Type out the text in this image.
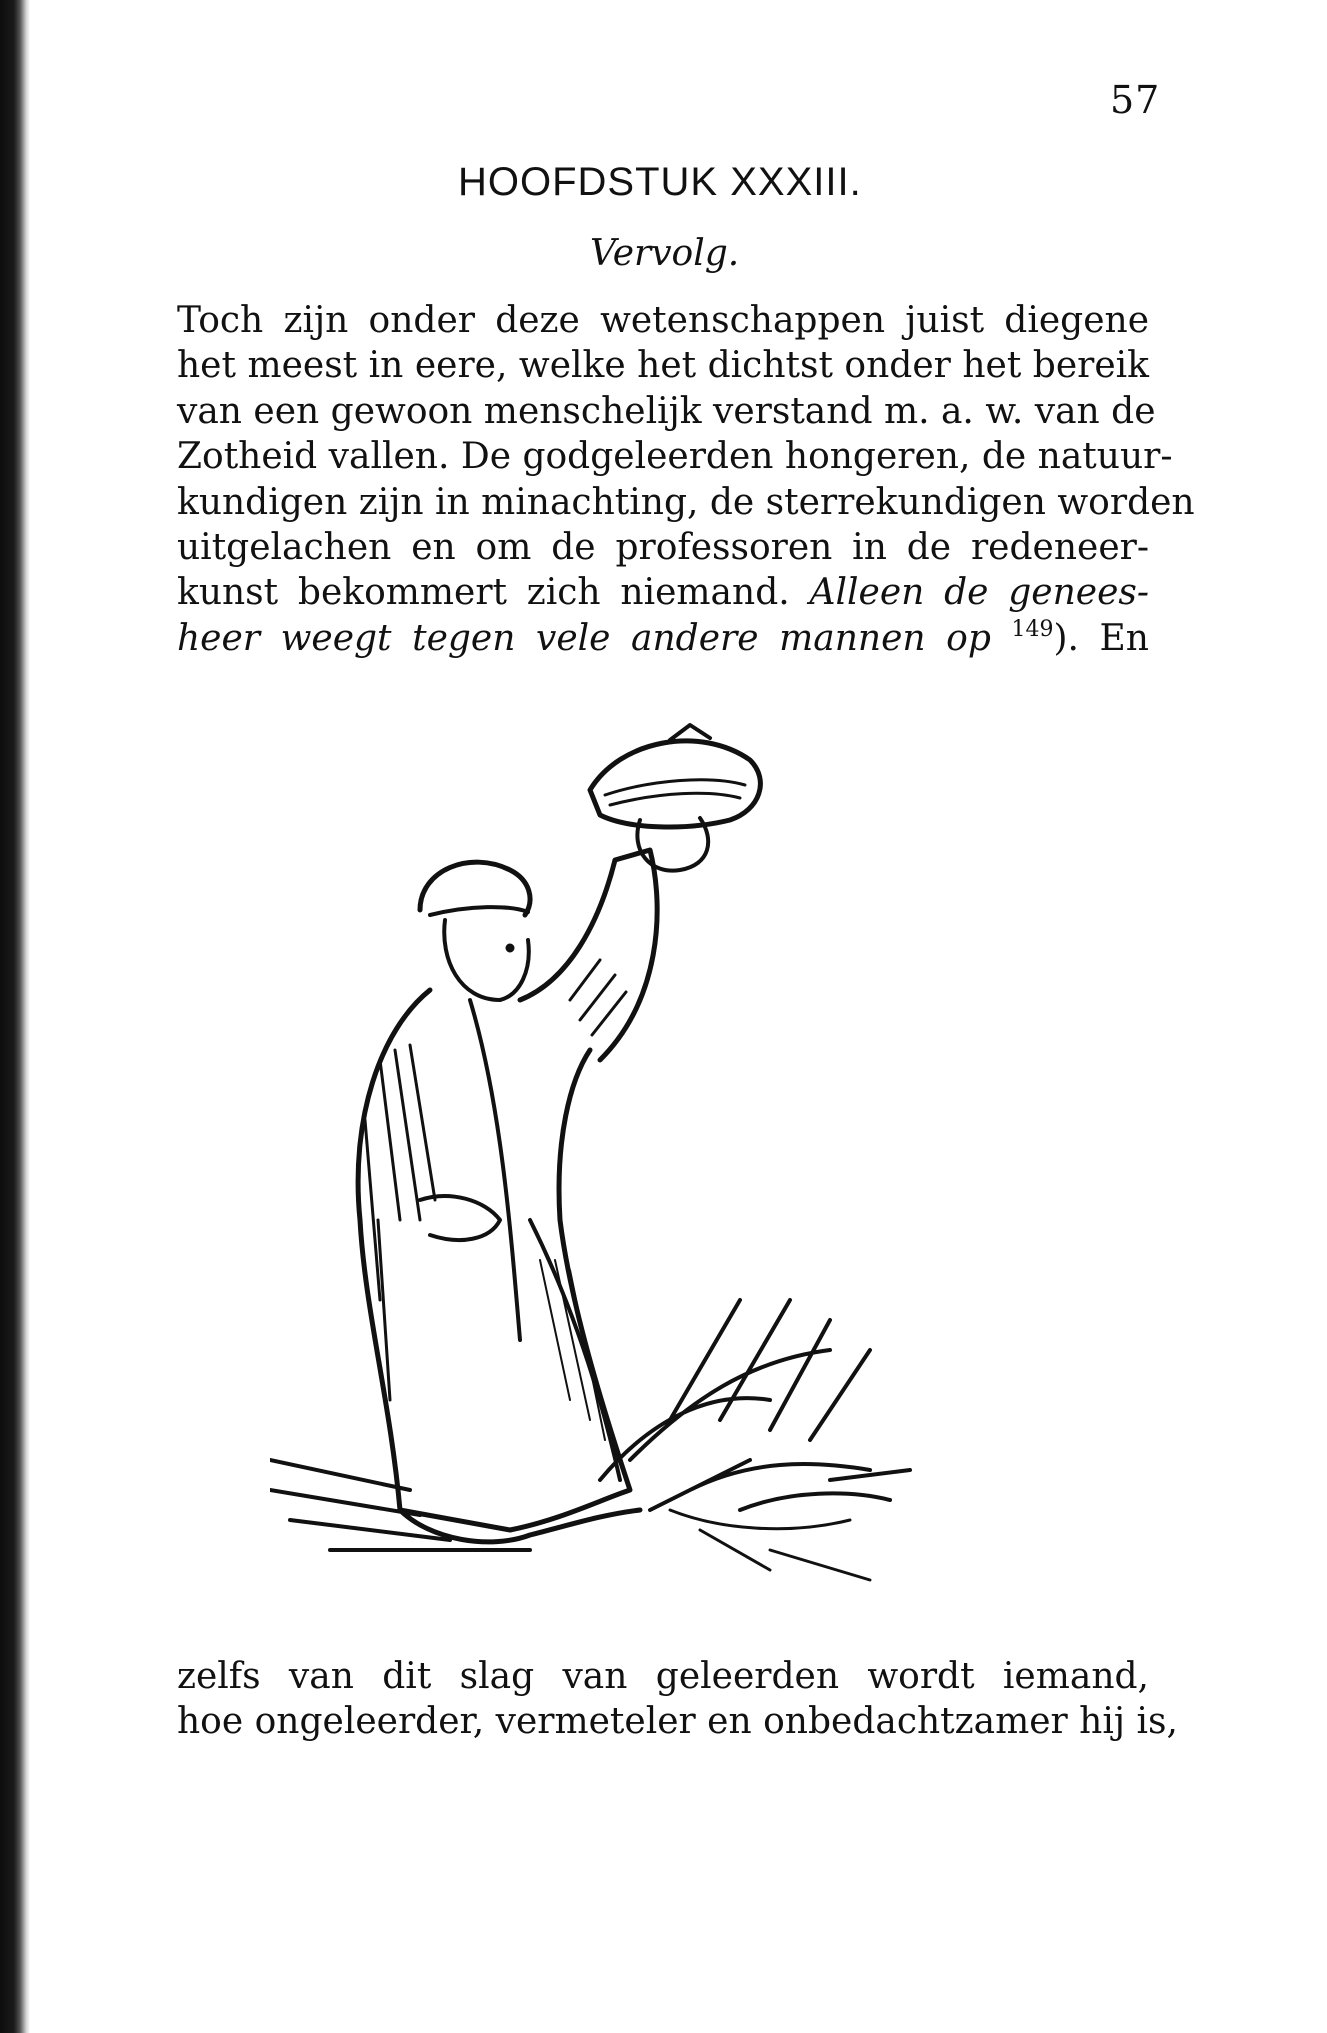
57
HOOFDSTUK XXXIII.
Vervolg.
Toch zijn onder deze wetenschappen juist diegene
het meest in eere, welke het dichtst onder het bereik
van een gewoon menschelijk verstand m. a. w. van de
Zotheid vallen. De godgeleerden hongeren, de natuur-
kundigen zijn in minachting, de sterrekundigen worden
uitgelachen en om de professoren in de redeneer-
kunst bekommert zich niemand. Alleen de genees-
heer weegt tegen vele andere mannen op $^{149}$). En
zelfs van dit slag van geleerden wordt iemand,
hoe ongeleerder, vermeteler en onbedachtzamer hij is,
